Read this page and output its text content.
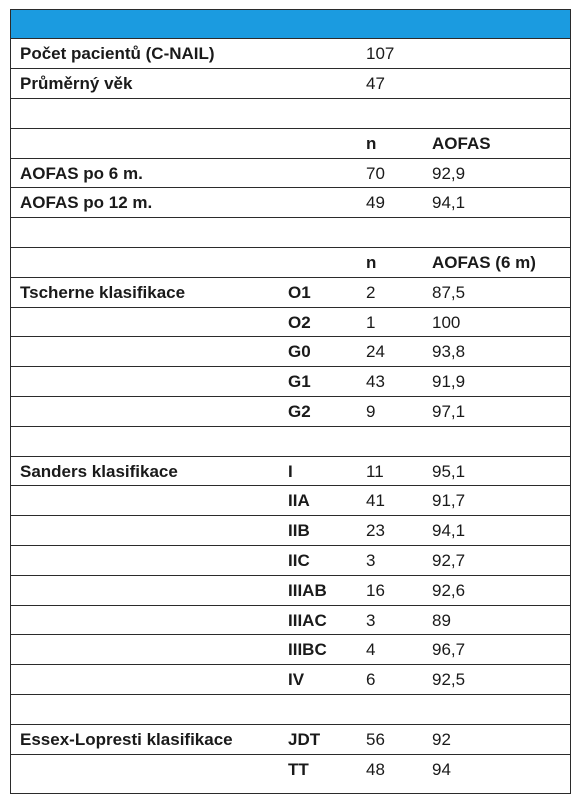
Počet pacientů (C-NAIL)		107	
Průměrný věk		47	

		n	AOFAS
AOFAS po 6 m.		70	92,9
AOFAS po 12 m.		49	94,1

		n	AOFAS (6 m)
Tscherne klasifikace	O1	2	87,5
	O2	1	100
	G0	24	93,8
	G1	43	91,9
	G2	9	97,1

Sanders klasifikace	I	11	95,1
	IIA	41	91,7
	IIB	23	94,1
	IIC	3	92,7
	IIIAB	16	92,6
	IIIAC	3	89
	IIIBC	4	96,7
	IV	6	92,5

Essex-Lopresti klasifikace	JDT	56	92
	TT	48	94
